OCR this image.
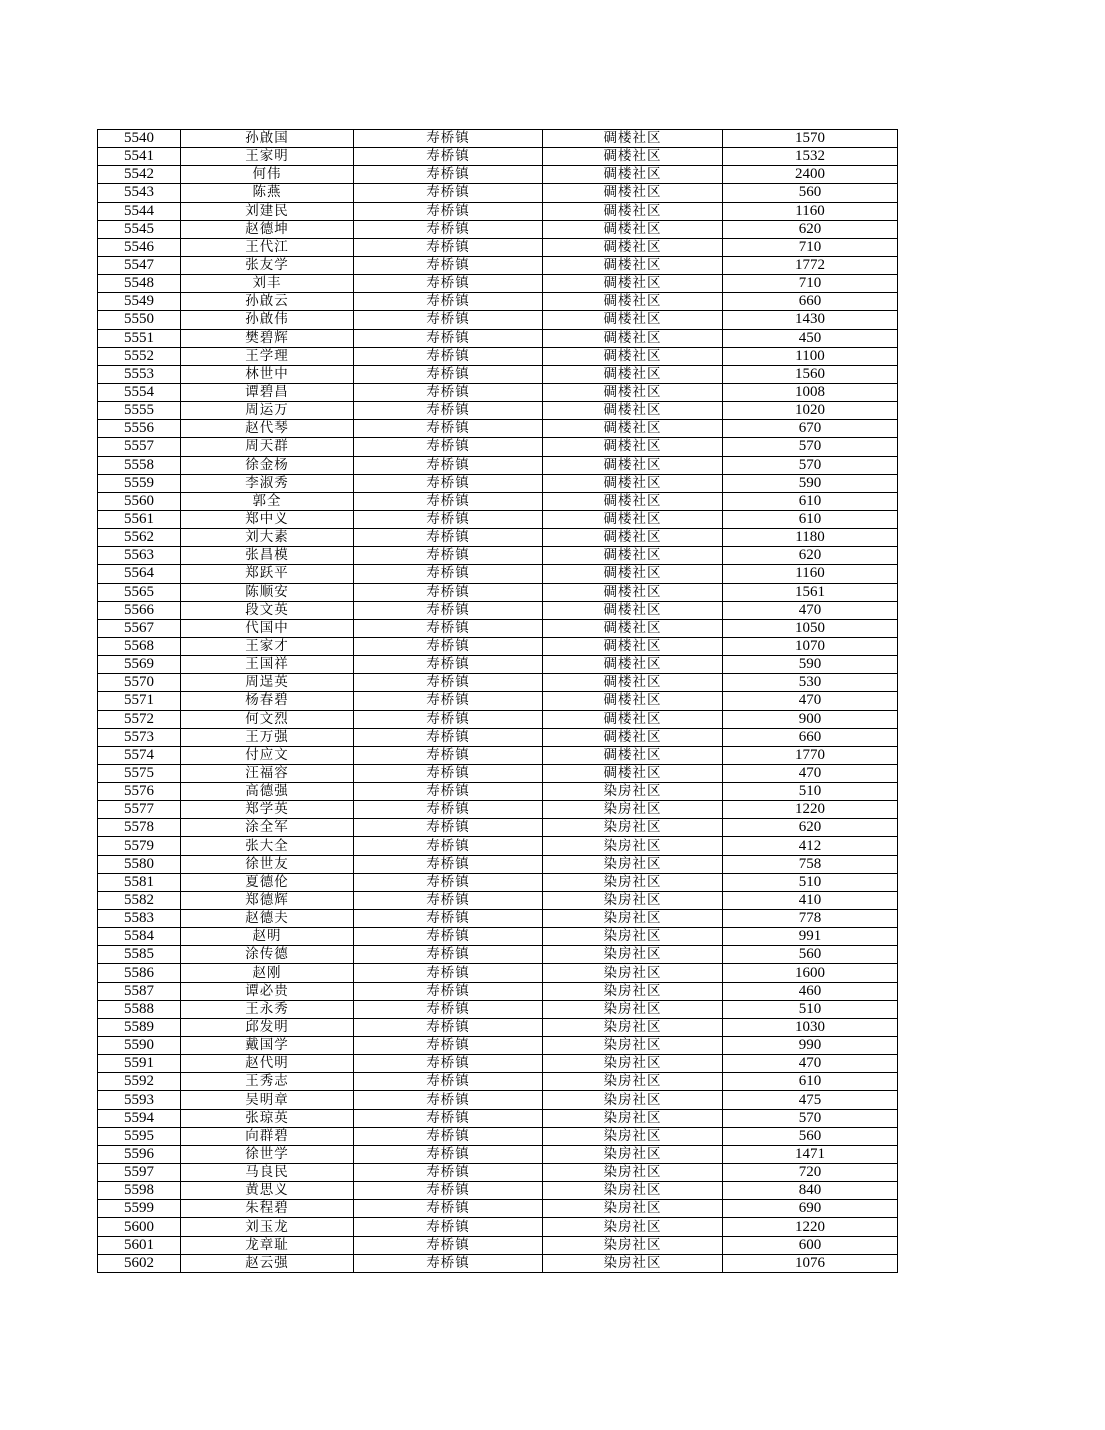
5540	孙啟国	寿桥镇	碉楼社区	1570
5541	王家明	寿桥镇	碉楼社区	1532
5542	何伟	寿桥镇	碉楼社区	2400
5543	陈燕	寿桥镇	碉楼社区	560
5544	刘建民	寿桥镇	碉楼社区	1160
5545	赵德坤	寿桥镇	碉楼社区	620
5546	王代江	寿桥镇	碉楼社区	710
5547	张友学	寿桥镇	碉楼社区	1772
5548	刘丰	寿桥镇	碉楼社区	710
5549	孙啟云	寿桥镇	碉楼社区	660
5550	孙啟伟	寿桥镇	碉楼社区	1430
5551	樊碧辉	寿桥镇	碉楼社区	450
5552	王学理	寿桥镇	碉楼社区	1100
5553	林世中	寿桥镇	碉楼社区	1560
5554	谭碧昌	寿桥镇	碉楼社区	1008
5555	周运万	寿桥镇	碉楼社区	1020
5556	赵代琴	寿桥镇	碉楼社区	670
5557	周天群	寿桥镇	碉楼社区	570
5558	徐金杨	寿桥镇	碉楼社区	570
5559	李淑秀	寿桥镇	碉楼社区	590
5560	郭全	寿桥镇	碉楼社区	610
5561	郑中义	寿桥镇	碉楼社区	610
5562	刘大素	寿桥镇	碉楼社区	1180
5563	张昌模	寿桥镇	碉楼社区	620
5564	郑跃平	寿桥镇	碉楼社区	1160
5565	陈顺安	寿桥镇	碉楼社区	1561
5566	段文英	寿桥镇	碉楼社区	470
5567	代国中	寿桥镇	碉楼社区	1050
5568	王家才	寿桥镇	碉楼社区	1070
5569	王国祥	寿桥镇	碉楼社区	590
5570	周逞英	寿桥镇	碉楼社区	530
5571	杨春碧	寿桥镇	碉楼社区	470
5572	何文烈	寿桥镇	碉楼社区	900
5573	王万强	寿桥镇	碉楼社区	660
5574	付应文	寿桥镇	碉楼社区	1770
5575	汪福容	寿桥镇	碉楼社区	470
5576	高德强	寿桥镇	染房社区	510
5577	郑学英	寿桥镇	染房社区	1220
5578	涂全军	寿桥镇	染房社区	620
5579	张大全	寿桥镇	染房社区	412
5580	徐世友	寿桥镇	染房社区	758
5581	夏德伦	寿桥镇	染房社区	510
5582	郑德辉	寿桥镇	染房社区	410
5583	赵德夫	寿桥镇	染房社区	778
5584	赵明	寿桥镇	染房社区	991
5585	涂传德	寿桥镇	染房社区	560
5586	赵刚	寿桥镇	染房社区	1600
5587	谭必贵	寿桥镇	染房社区	460
5588	王永秀	寿桥镇	染房社区	510
5589	邱发明	寿桥镇	染房社区	1030
5590	戴国学	寿桥镇	染房社区	990
5591	赵代明	寿桥镇	染房社区	470
5592	王秀志	寿桥镇	染房社区	610
5593	吴明章	寿桥镇	染房社区	475
5594	张琼英	寿桥镇	染房社区	570
5595	向群碧	寿桥镇	染房社区	560
5596	徐世学	寿桥镇	染房社区	1471
5597	马良民	寿桥镇	染房社区	720
5598	黄思义	寿桥镇	染房社区	840
5599	朱程碧	寿桥镇	染房社区	690
5600	刘玉龙	寿桥镇	染房社区	1220
5601	龙章耻	寿桥镇	染房社区	600
5602	赵云强	寿桥镇	染房社区	1076
